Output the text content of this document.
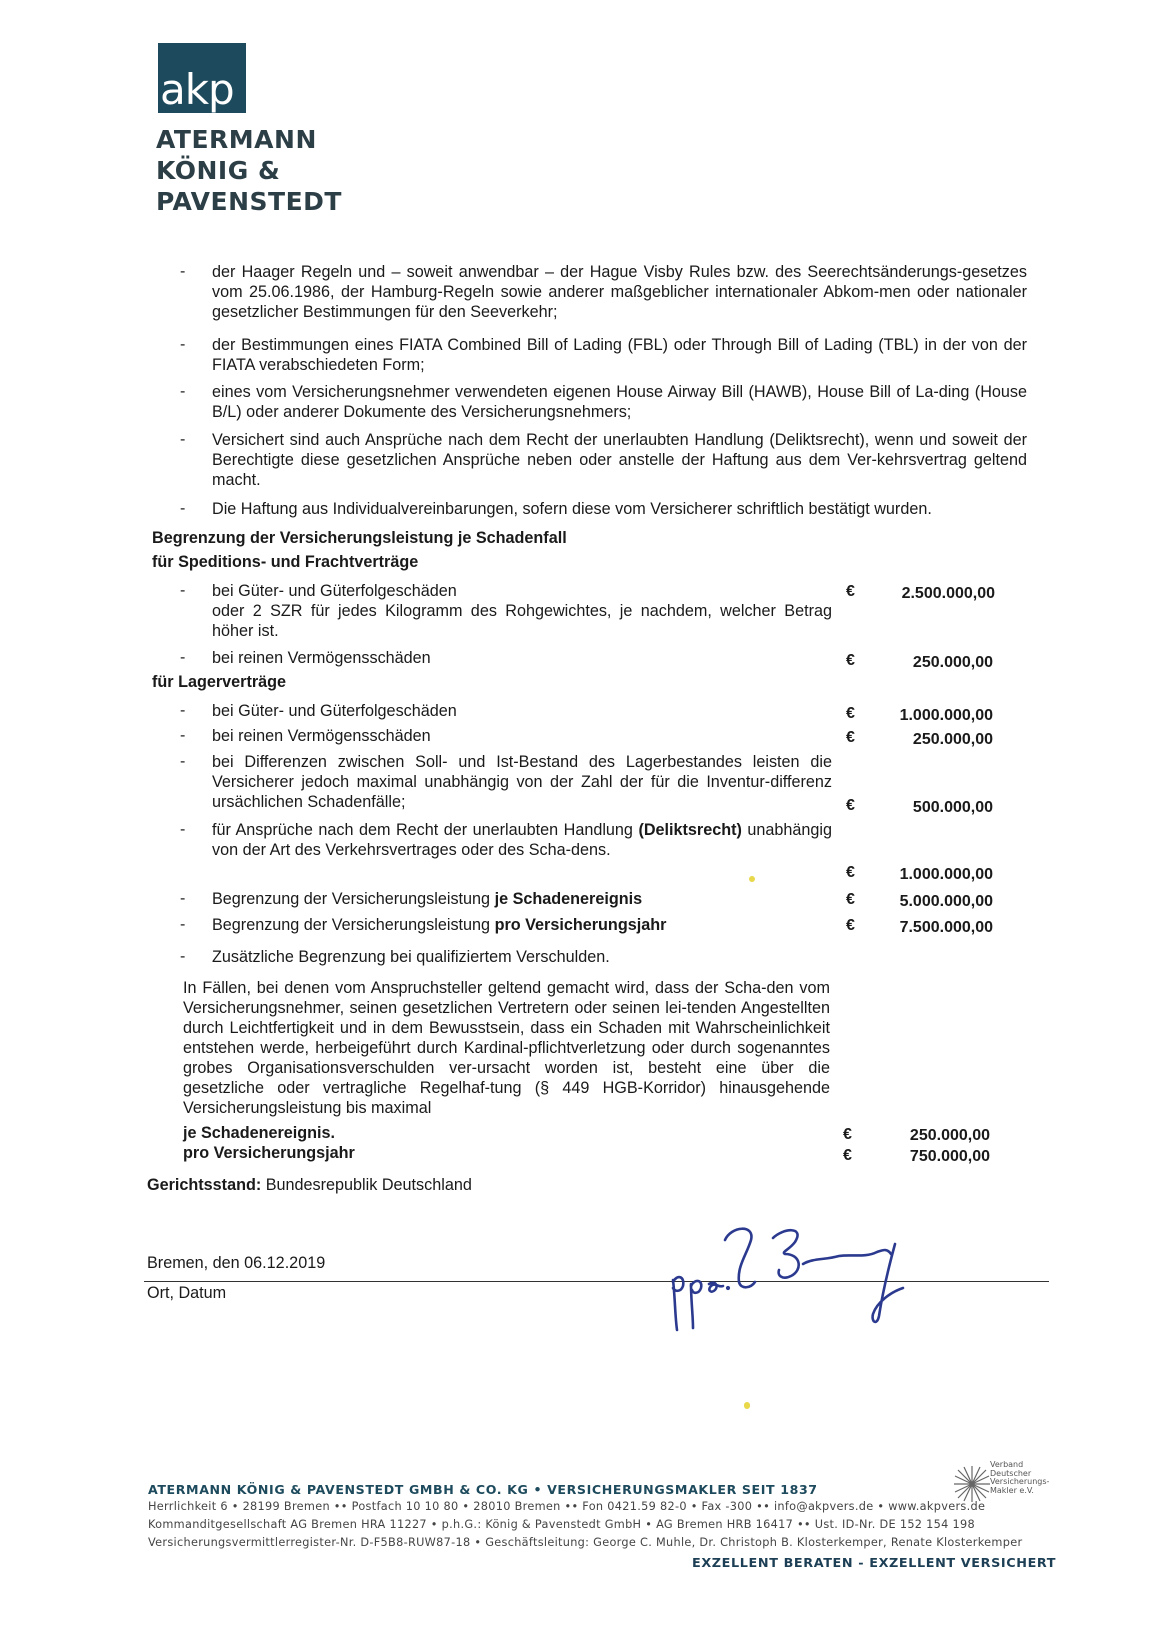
akp
ATERMANN
KÖNIG &
PAVENSTEDT
- der Haager Regeln und – soweit anwendbar – der Hague Visby Rules bzw. des Seerechtsänderungs-gesetzes vom 25.06.1986, der Hamburg-Regeln sowie anderer maßgeblicher internationaler Abkom-men oder nationaler gesetzlicher Bestimmungen für den Seeverkehr;
- der Bestimmungen eines FIATA Combined Bill of Lading (FBL) oder Through Bill of Lading (TBL) in der von der FIATA verabschiedeten Form;
- eines vom Versicherungsnehmer verwendeten eigenen House Airway Bill (HAWB), House Bill of La-ding (House B/L) oder anderer Dokumente des Versicherungsnehmers;
- Versichert sind auch Ansprüche nach dem Recht der unerlaubten Handlung (Deliktsrecht), wenn und soweit der Berechtigte diese gesetzlichen Ansprüche neben oder anstelle der Haftung aus dem Ver-kehrsvertrag geltend macht.
- Die Haftung aus Individualvereinbarungen, sofern diese vom Versicherer schriftlich bestätigt wurden.
Begrenzung der Versicherungsleistung je Schadenfall
für Speditions- und Frachtverträge
- bei Güter- und Güterfolgeschäden
oder 2 SZR für jedes Kilogramm des Rohgewichtes, je nachdem, welcher Betrag höher ist.
€	2.500.000,00
- bei reinen Vermögensschäden	€	250.000,00
für Lagerverträge
- bei Güter- und Güterfolgeschäden	€	1.000.000,00
- bei reinen Vermögensschäden	€	250.000,00
- bei Differenzen zwischen Soll- und Ist-Bestand des Lagerbestandes leisten die Versicherer jedoch maximal unabhängig von der Zahl der für die Inventur-differenz ursächlichen Schadenfälle;	€	500.000,00
- für Ansprüche nach dem Recht der unerlaubten Handlung (Deliktsrecht) unabhängig von der Art des Verkehrsvertrages oder des Scha-dens.
€	1.000.000,00
- Begrenzung der Versicherungsleistung je Schadenereignis	€	5.000.000,00
- Begrenzung der Versicherungsleistung pro Versicherungsjahr	€	7.500.000,00
- Zusätzliche Begrenzung bei qualifiziertem Verschulden.
In Fällen, bei denen vom Anspruchsteller geltend gemacht wird, dass der Scha-den vom Versicherungsnehmer, seinen gesetzlichen Vertretern oder seinen lei-tenden Angestellten durch Leichtfertigkeit und in dem Bewusstsein, dass ein Schaden mit Wahrscheinlichkeit entstehen werde, herbeigeführt durch Kardinal-pflichtverletzung oder durch sogenanntes grobes Organisationsverschulden ver-ursacht worden ist, besteht eine über die gesetzliche oder vertragliche Regelhaf-tung (§ 449 HGB-Korridor) hinausgehende Versicherungsleistung bis maximal
je Schadenereignis.	€	250.000,00
pro Versicherungsjahr	€	750.000,00
Gerichtsstand: Bundesrepublik Deutschland
Bremen, den 06.12.2019
Ort, Datum
ATERMANN KÖNIG & PAVENSTEDT GMBH & CO. KG • VERSICHERUNGSMAKLER SEIT 1837
Herrlichkeit 6 • 28199 Bremen •• Postfach 10 10 80 • 28010 Bremen •• Fon 0421.59 82-0 • Fax -300 •• info@akpvers.de • www.akpvers.de
Kommanditgesellschaft AG Bremen HRA 11227 • p.h.G.: König & Pavenstedt GmbH • AG Bremen HRB 16417 •• Ust. ID-Nr. DE 152 154 198
Versicherungsvermittlerregister-Nr. D-F5B8-RUW87-18 • Geschäftsleitung: George C. Muhle, Dr. Christoph B. Klosterkemper, Renate Klosterkemper
EXZELLENT BERATEN - EXZELLENT VERSICHERT
Verband
Deutscher
Versicherungs-
Makler e.V.
